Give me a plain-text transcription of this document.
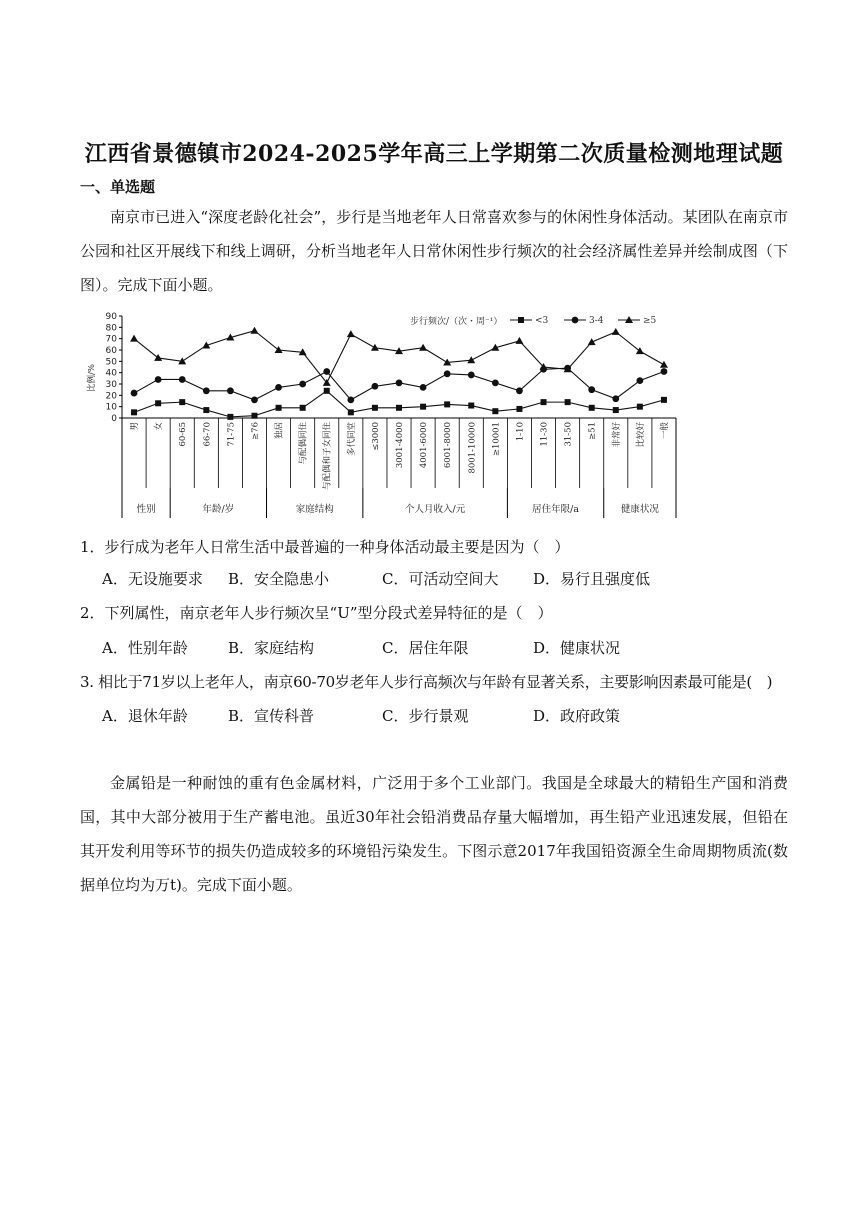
江西省景德镇市2024-2025学年高三上学期第二次质量检测地理试题
一、单选题
南京市已进入“深度老龄化社会”，步行是当地老年人日常喜欢参与的休闲性身体活动。某团队在南京市公园和社区开展线下和线上调研，分析当地老年人日常休闲性步行频次的社会经济属性差异并绘制成图（下图）。完成下面小题。
0
10
20
30
40
50
60
70
80
90
比例/%
男 女 60-65 66-70 71-75 ≥76 独居 与配偶同住 与配偶和子女同住 多代同堂 ≤3000 3001-4000 4001-6000 6001-8000 8001-10000 ≥10001 1-10 11-30 31-50 ≥51 非常好 比较好 一般
性别	年龄/岁	家庭结构	个人月收入/元	居住年限/a	健康状况
步行频次/（次・周⁻¹）	<3	3-4	≥5
1．步行成为老年人日常生活中最普遍的一种身体活动最主要是因为（　）
A．无设施要求 B．安全隐患小	C．可活动空间大 D．易行且强度低
2．下列属性，南京老年人步行频次呈“U”型分段式差异特征的是（　）
A．性别年龄	B．家庭结构	C．居住年限	D．健康状况
3. 相比于71岁以上老年人，南京60-70岁老年人步行高频次与年龄有显著关系，主要影响因素最可能是(　)
A．退休年龄	B．宣传科普	C．步行景观	D．政府政策
金属铅是一种耐蚀的重有色金属材料，广泛用于多个工业部门。我国是全球最大的精铅生产国和消费国，其中大部分被用于生产蓄电池。虽近30年社会铅消费品存量大幅增加，再生铅产业迅速发展，但铅在其开发利用等环节的损失仍造成较多的环境铅污染发生。下图示意2017年我国铅资源全生命周期物质流(数据单位均为万t)。完成下面小题。
